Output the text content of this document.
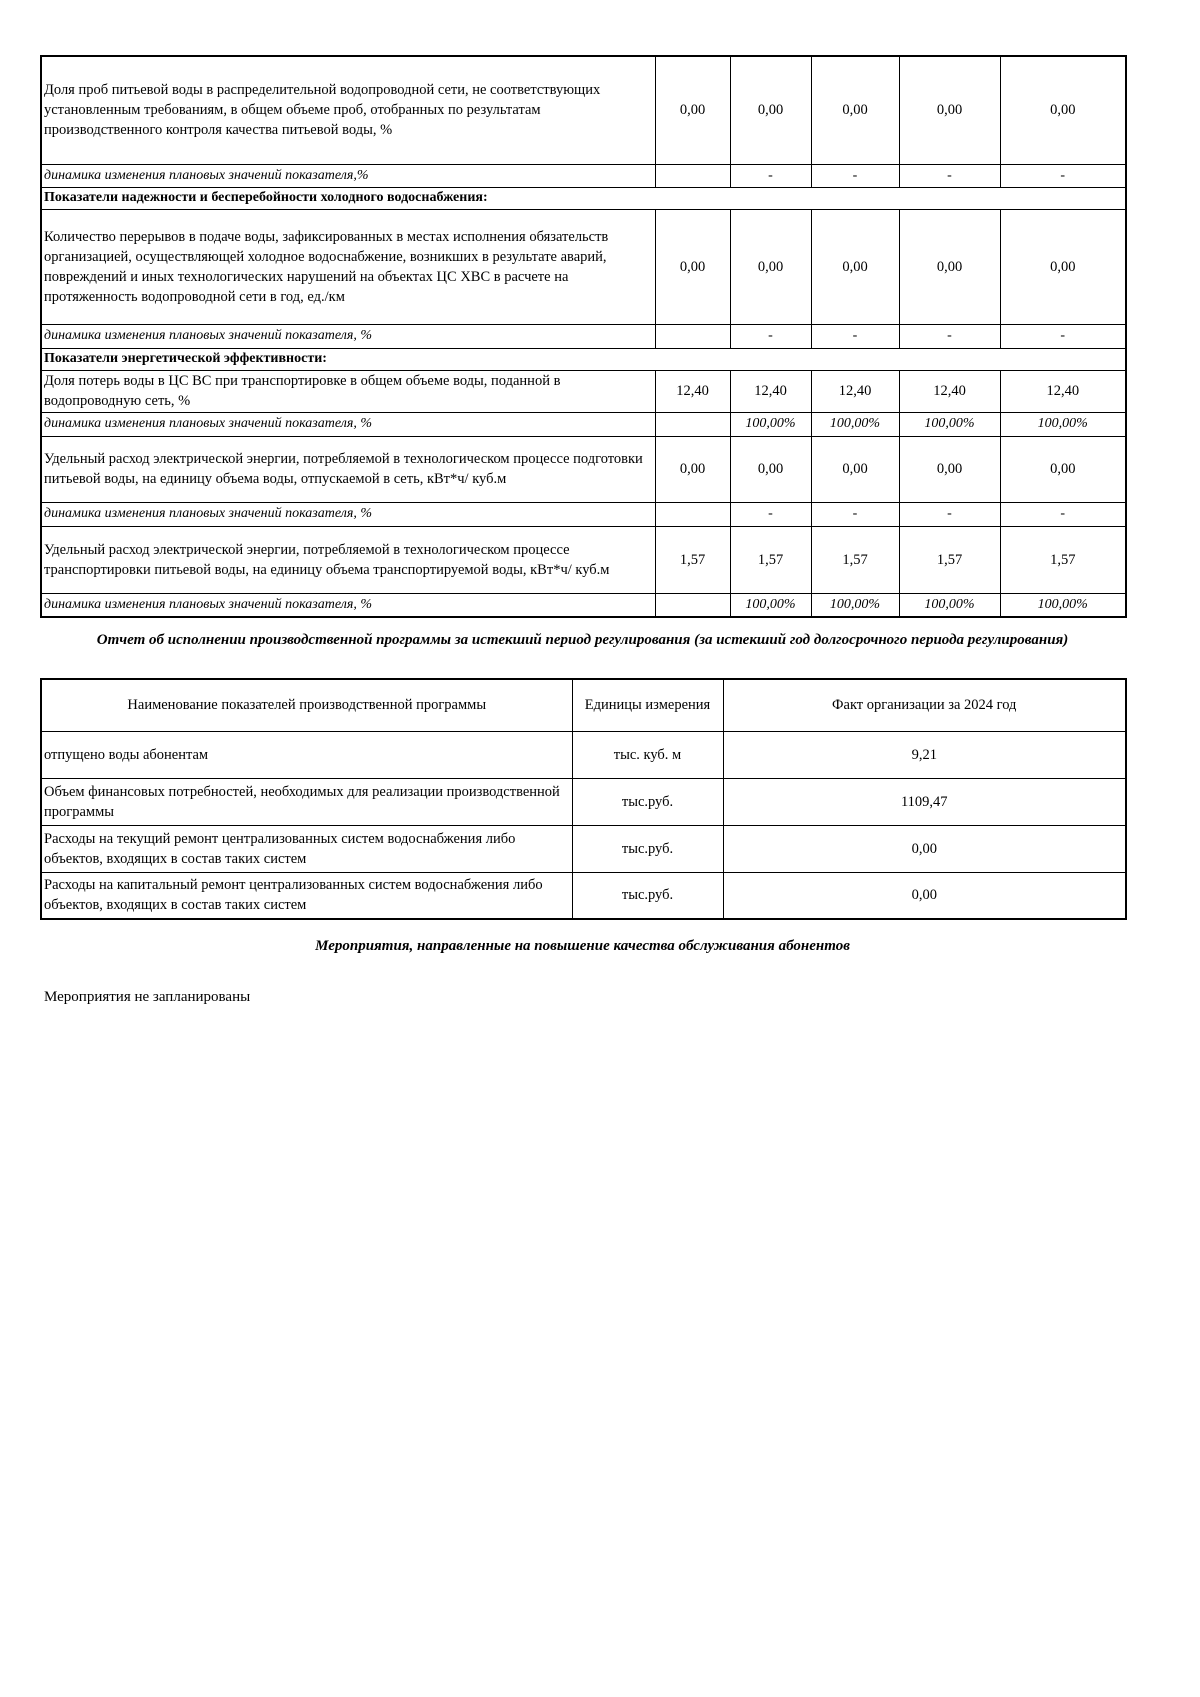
Доля проб питьевой воды в распределительной водопроводной сети, не соответствующих установленным требованиям, в общем объеме проб, отобранных по результатам производственного контроля качества питьевой воды, %	0,00	0,00	0,00	0,00	0,00
динамика изменения плановых значений показателя,%		-	-	-	-
Показатели надежности и бесперебойности холодного водоснабжения:					
Количество перерывов в подаче воды, зафиксированных в местах исполнения обязательств организацией, осуществляющей холодное водоснабжение, возникших в результате аварий, повреждений и иных технологических нарушений на объектах ЦС ХВС в расчете на протяженность водопроводной сети в год, ед./км	0,00	0,00	0,00	0,00	0,00
динамика изменения плановых значений показателя, %		-	-	-	-
Показатели энергетической эффективности:					
Доля потерь воды в ЦС ВС при транспортировке в общем объеме воды, поданной в водопроводную сеть, %	12,40	12,40	12,40	12,40	12,40
динамика изменения плановых значений показателя, %		100,00%	100,00%	100,00%	100,00%
Удельный расход электрической энергии, потребляемой в технологическом процессе подготовки питьевой воды, на единицу объема воды, отпускаемой в сеть, кВт*ч/ куб.м	0,00	0,00	0,00	0,00	0,00
динамика изменения плановых значений показателя, %		-	-	-	-
Удельный расход электрической энергии, потребляемой в технологическом процессе транспортировки питьевой воды, на единицу объема транспортируемой воды, кВт*ч/ куб.м	1,57	1,57	1,57	1,57	1,57
динамика изменения плановых значений показателя, %		100,00%	100,00%	100,00%	100,00%
Отчет об исполнении производственной программы за истекший период регулирования (за истекший год долгосрочного периода регулирования)
Наименование показателей производственной программы	Единицы измерения	Факт организации за 2024 год
отпущено воды абонентам	тыс. куб. м	9,21
Объем финансовых потребностей, необходимых для реализации производственной программы	тыс.руб.	1109,47
Расходы на текущий ремонт централизованных систем водоснабжения либо объектов, входящих в состав таких систем	тыс.руб.	0,00
Расходы на капитальный ремонт централизованных систем водоснабжения либо объектов, входящих в состав таких систем	тыс.руб.	0,00
Мероприятия, направленные на повышение качества обслуживания абонентов
Мероприятия не запланированы
